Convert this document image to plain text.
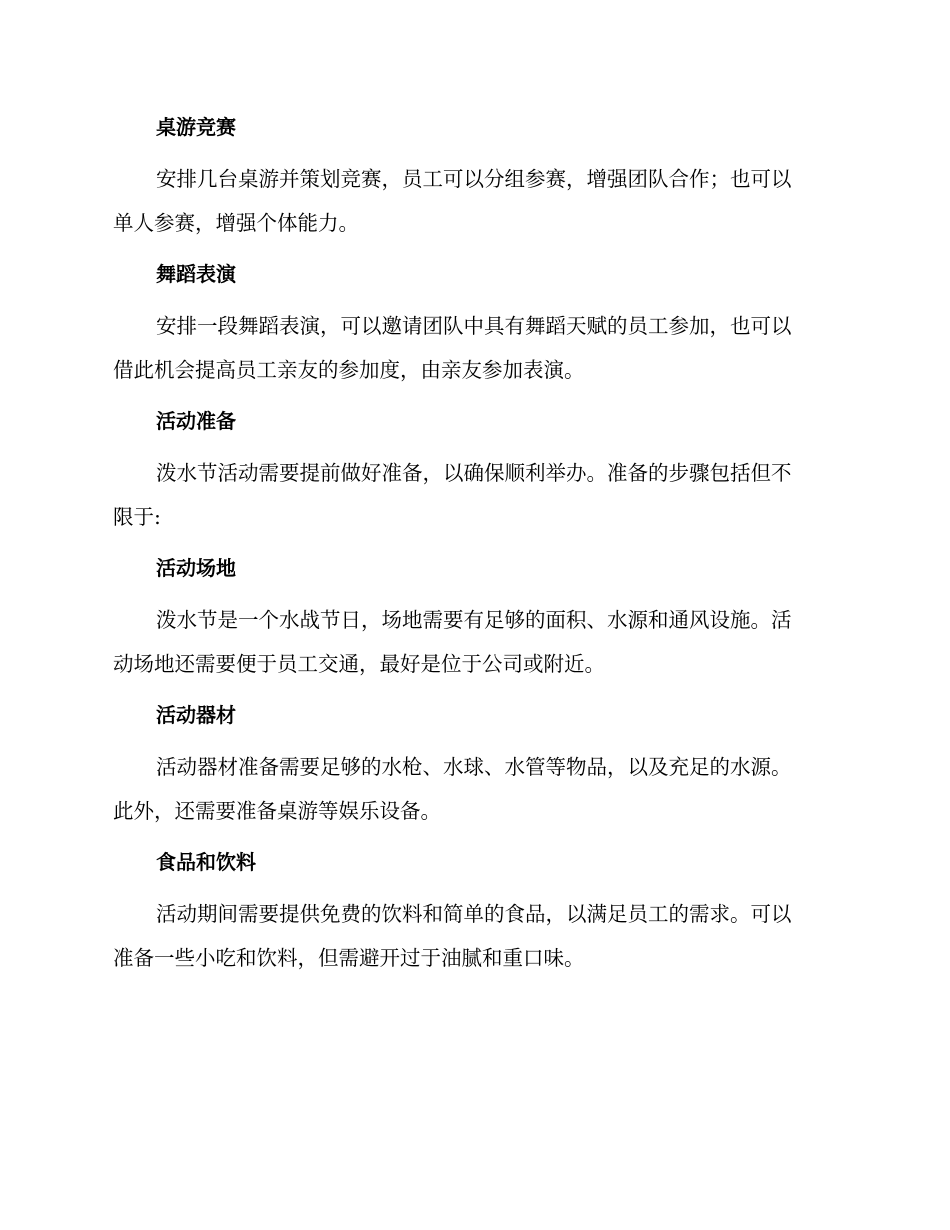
桌游竞赛

安排几台桌游并策划竞赛，员工可以分组参赛，增强团队合作；也可以
单人参赛，增强个体能力。

舞蹈表演

安排一段舞蹈表演，可以邀请团队中具有舞蹈天赋的员工参加，也可以
借此机会提高员工亲友的参加度，由亲友参加表演。

活动准备

泼水节活动需要提前做好准备，以确保顺利举办。准备的步骤包括但不
限于:

活动场地

泼水节是一个水战节日，场地需要有足够的面积、水源和通风设施。活
动场地还需要便于员工交通，最好是位于公司或附近。

活动器材

活动器材准备需要足够的水枪、水球、水管等物品，以及充足的水源。
此外，还需要准备桌游等娱乐设备。

食品和饮料

活动期间需要提供免费的饮料和简单的食品，以满足员工的需求。可以
准备一些小吃和饮料，但需避开过于油腻和重口味。
